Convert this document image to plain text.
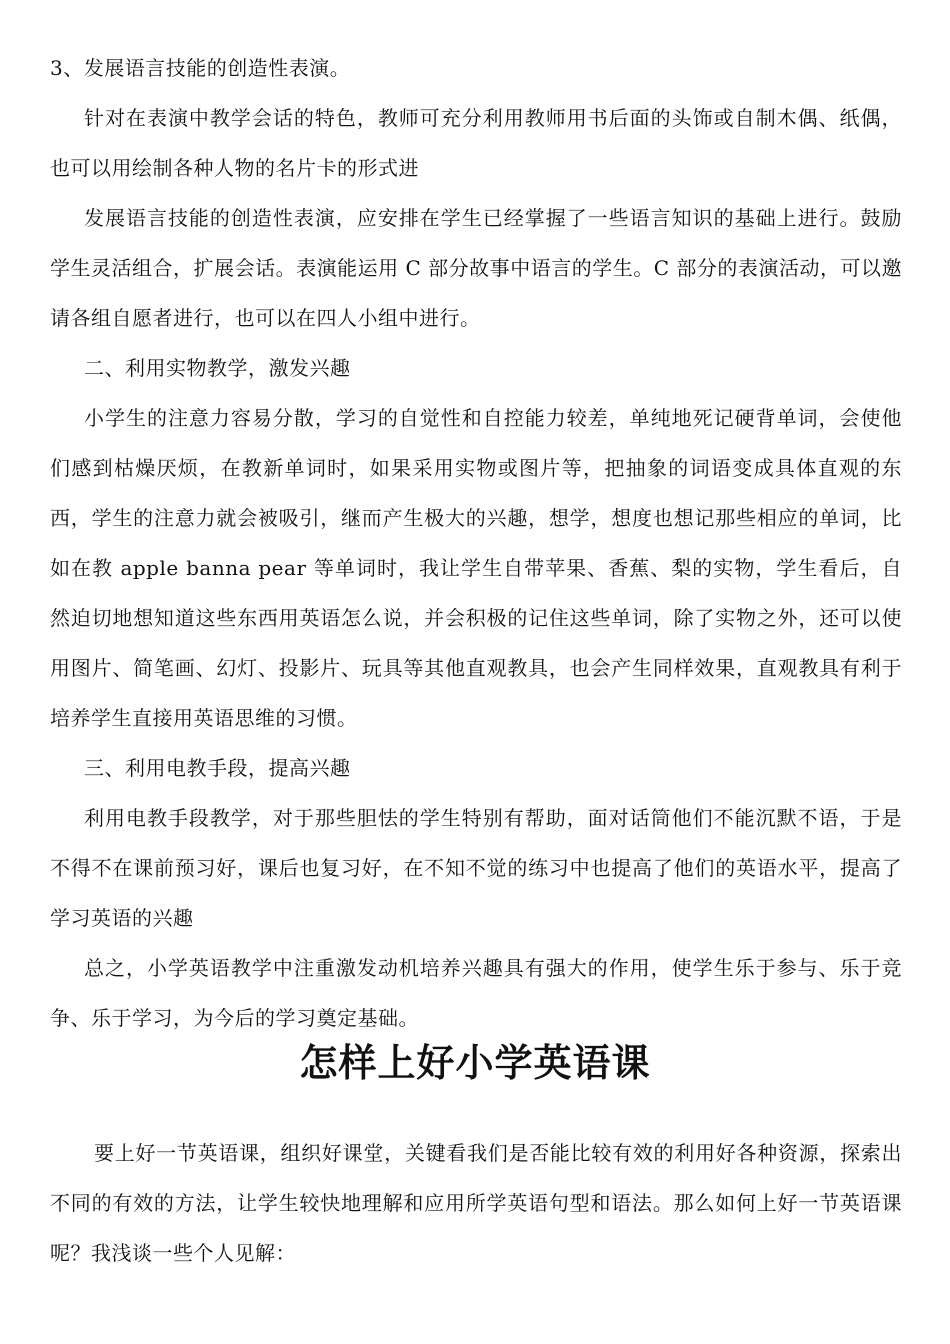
3、发展语言技能的创造性表演。

针对在表演中教学会话的特色，教师可充分利用教师用书后面的头饰或自制木偶、纸偶，也可以用绘制各种人物的名片卡的形式进

发展语言技能的创造性表演，应安排在学生已经掌握了一些语言知识的基础上进行。鼓励学生灵活组合，扩展会话。表演能运用 C 部分故事中语言的学生。C 部分的表演活动，可以邀请各组自愿者进行，也可以在四人小组中进行。

二、利用实物教学，激发兴趣

小学生的注意力容易分散，学习的自觉性和自控能力较差，单纯地死记硬背单词，会使他们感到枯燥厌烦，在教新单词时，如果采用实物或图片等，把抽象的词语变成具体直观的东西，学生的注意力就会被吸引，继而产生极大的兴趣，想学，想度也想记那些相应的单词，比如在教 apple banna pear 等单词时，我让学生自带苹果、香蕉、梨的实物，学生看后，自然迫切地想知道这些东西用英语怎么说，并会积极的记住这些单词，除了实物之外，还可以使用图片、简笔画、幻灯、投影片、玩具等其他直观教具，也会产生同样效果，直观教具有利于培养学生直接用英语思维的习惯。

三、利用电教手段，提高兴趣

利用电教手段教学，对于那些胆怯的学生特别有帮助，面对话筒他们不能沉默不语，于是不得不在课前预习好，课后也复习好，在不知不觉的练习中也提高了他们的英语水平，提高了学习英语的兴趣

总之，小学英语教学中注重激发动机培养兴趣具有强大的作用，使学生乐于参与、乐于竞争、乐于学习，为今后的学习奠定基础。

怎样上好小学英语课

要上好一节英语课，组织好课堂，关键看我们是否能比较有效的利用好各种资源，探索出不同的有效的方法，让学生较快地理解和应用所学英语句型和语法。那么如何上好一节英语课呢？我浅谈一些个人见解：
